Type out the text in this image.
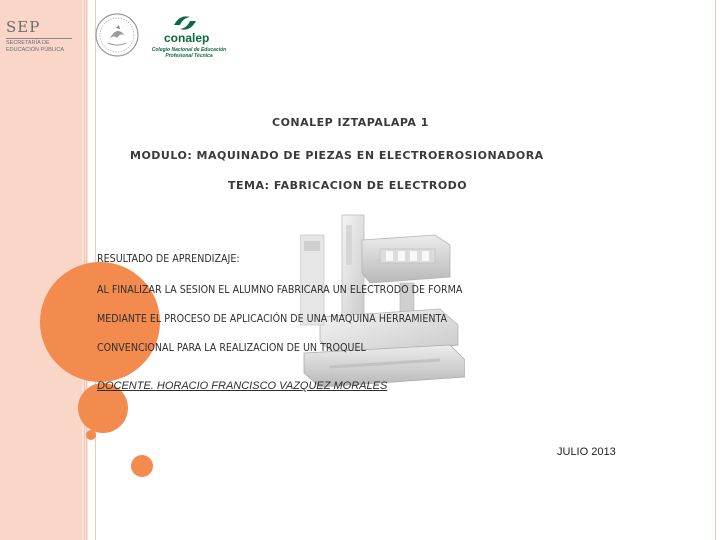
SEP
SECRETARÍA DE
EDUCACIÓN PÚBLICA
conalep
Colegio Nacional de Educación
Profesional Técnica
CONALEP IZTAPALAPA 1
MODULO: MAQUINADO DE PIEZAS EN ELECTROEROSIONADORA
TEMA: FABRICACION DE ELECTRODO
RESULTADO DE APRENDIZAJE:
AL FINALIZAR LA SESION EL ALUMNO FABRICARA UN ELECTRODO DE FORMA
MEDIANTE EL PROCESO DE APLICACIÓN DE UNA MAQUINA HERRAMIENTA
CONVENCIONAL PARA LA REALIZACION DE UN TROQUEL
DOCENTE. HORACIO FRANCISCO VAZQUEZ MORALES
JULIO 2013
